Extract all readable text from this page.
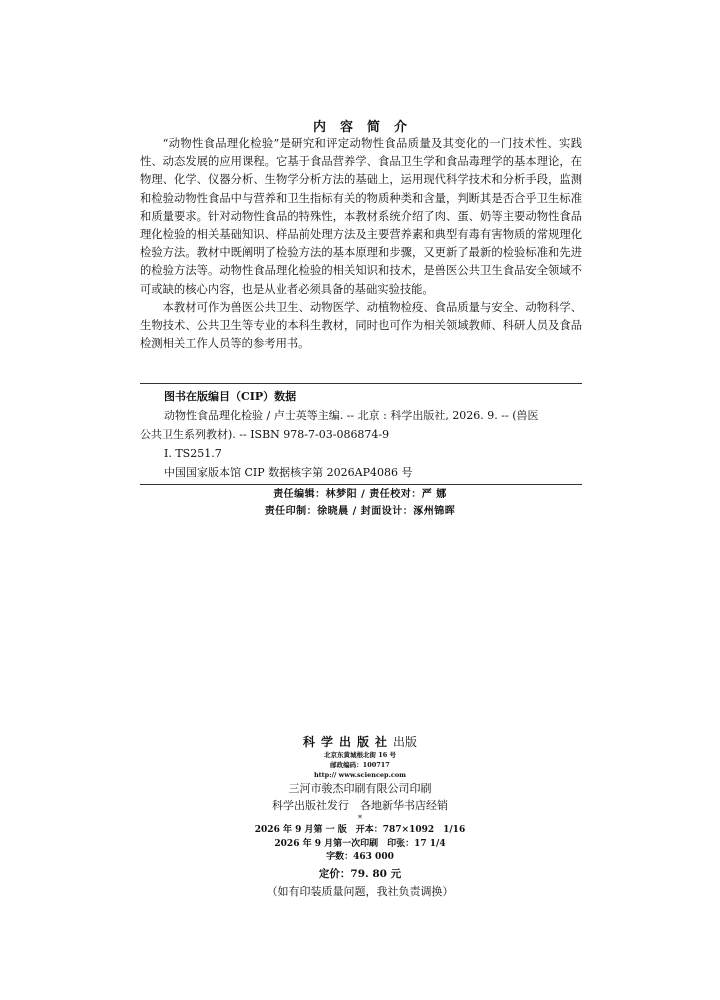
内容简介

“动物性食品理化检验”是研究和评定动物性食品质量及其变化的一门技术性、实践性、动态发展的应用课程。它基于食品营养学、食品卫生学和食品毒理学的基本理论，在物理、化学、仪器分析、生物学分析方法的基础上，运用现代科学技术和分析手段，监测和检验动物性食品中与营养和卫生指标有关的物质种类和含量，判断其是否合乎卫生标准和质量要求。针对动物性食品的特殊性，本教材系统介绍了肉、蛋、奶等主要动物性食品理化检验的相关基础知识、样品前处理方法及主要营养素和典型有毒有害物质的常规理化检验方法。教材中既阐明了检验方法的基本原理和步骤，又更新了最新的检验标准和先进的检验方法等。动物性食品理化检验的相关知识和技术，是兽医公共卫生食品安全领域不可或缺的核心内容，也是从业者必须具备的基础实验技能。

本教材可作为兽医公共卫生、动物医学、动植物检疫、食品质量与安全、动物科学、生物技术、公共卫生等专业的本科生教材，同时也可作为相关领域教师、科研人员及食品检测相关工作人员等的参考用书。

图书在版编目（CIP）数据
动物性食品理化检验 / 卢士英等主编. -- 北京 : 科学出版社, 2026. 9. -- (兽医
公共卫生系列教材). -- ISBN 978-7-03-086874-9
Ⅰ. TS251.7
中国国家版本馆 CIP 数据核字第 2026AP4086 号
责任编辑：林梦阳 / 责任校对：严 娜
责任印制：徐晓晨 / 封面设计：涿州锦晖
科学出版社出版
北京东黄城根北街 16 号
邮政编码：100717
http:// www.sciencep.com
三河市骏杰印刷有限公司印刷
科学出版社发行　各地新华书店经销
*
2026 年 9 月第 一 版　开本：787×1092　1/16
2026 年 9 月第一次印刷　印张：17 1/4
字数：463 000
定价：79. 80 元
（如有印装质量问题，我社负责调换）
